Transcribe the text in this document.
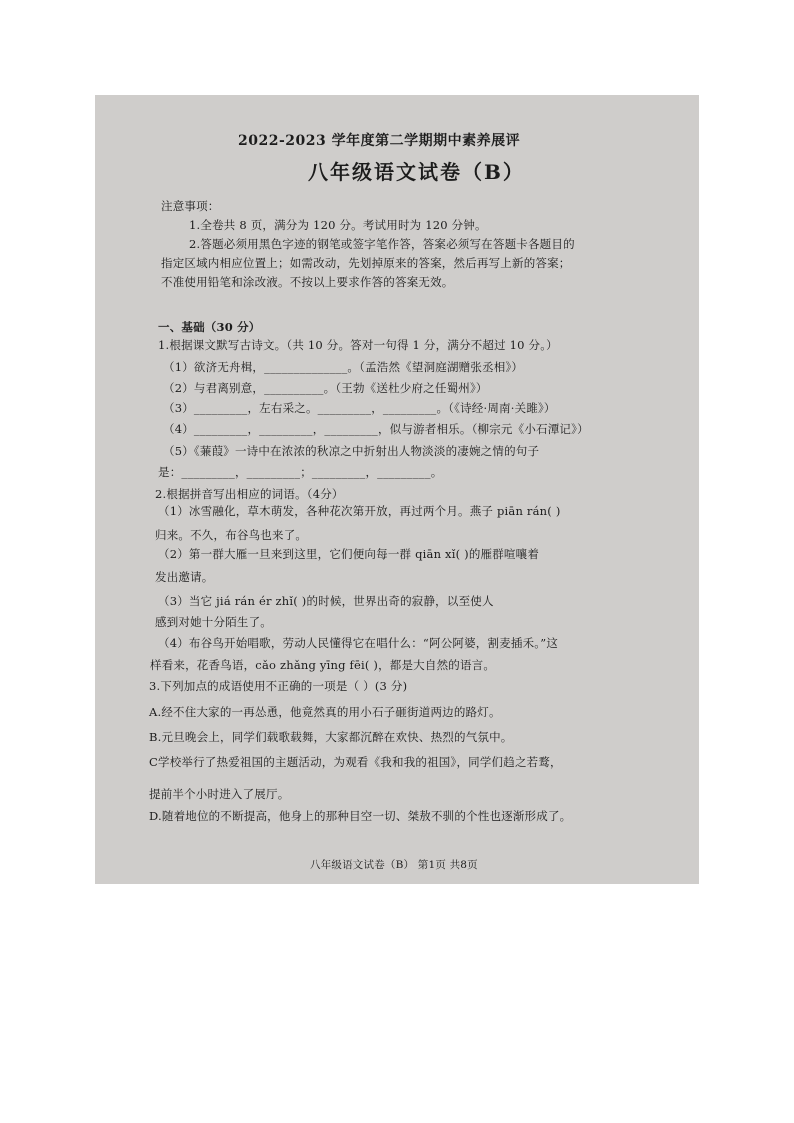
2022-2023 学年度第二学期期中素养展评
八年级语文试卷（B）
注意事项：
1.全卷共 8 页，满分为 120 分。考试用时为 120 分钟。
2.答题必须用黑色字迹的钢笔或签字笔作答，答案必须写在答题卡各题目的
指定区域内相应位置上；如需改动，先划掉原来的答案，然后再写上新的答案；
不准使用铅笔和涂改液。不按以上要求作答的答案无效。
一、基础（30 分）
1.根据课文默写古诗文。（共 10 分。答对一句得 1 分，满分不超过 10 分。）
（1）欲济无舟楫，______________。（孟浩然《望洞庭湖赠张丞相》）
（2）与君离别意，__________。（王勃《送杜少府之任蜀州》）
（3）_________，左右采之。_________，_________。（《诗经·周南·关雎》）
（4）_________，_________，_________，似与游者相乐。（柳宗元《小石潭记》）
（5）《蒹葭》一诗中在浓浓的秋凉之中折射出人物淡淡的凄婉之情的句子
是：_________，_________；_________，_________。
2.根据拼音写出相应的词语。（4分）
（1）冰雪融化，草木萌发，各种花次第开放，再过两个月。燕子 piān rán( )
归来。不久，布谷鸟也来了。
（2）第一群大雁一旦来到这里，它们便向每一群 qiān xǐ( )的雁群喧嚷着
发出邀请。
（3）当它 jiá rán ér zhǐ( )的时候，世界出奇的寂静，以至使人
感到对她十分陌生了。
（4）布谷鸟开始唱歌，劳动人民懂得它在唱什么：“阿公阿婆，割麦插禾。”这
样看来，花香鸟语，cǎo zhǎng yīng fēi( )，都是大自然的语言。
3.下列加点的成语使用不正确的一项是（ ）(3 分)
A.经不住大家的一再怂恿，他竟然真的用小石子砸街道两边的路灯。
B.元旦晚会上，同学们载歌载舞，大家都沉醉在欢快、热烈的气氛中。
C学校举行了热爱祖国的主题活动，为观看《我和我的祖国》，同学们趋之若鹜，
提前半个小时进入了展厅。
D.随着地位的不断提高，他身上的那种目空一切、桀敖不驯的个性也逐渐形成了。
八年级语文试卷（B） 第1页 共8页
